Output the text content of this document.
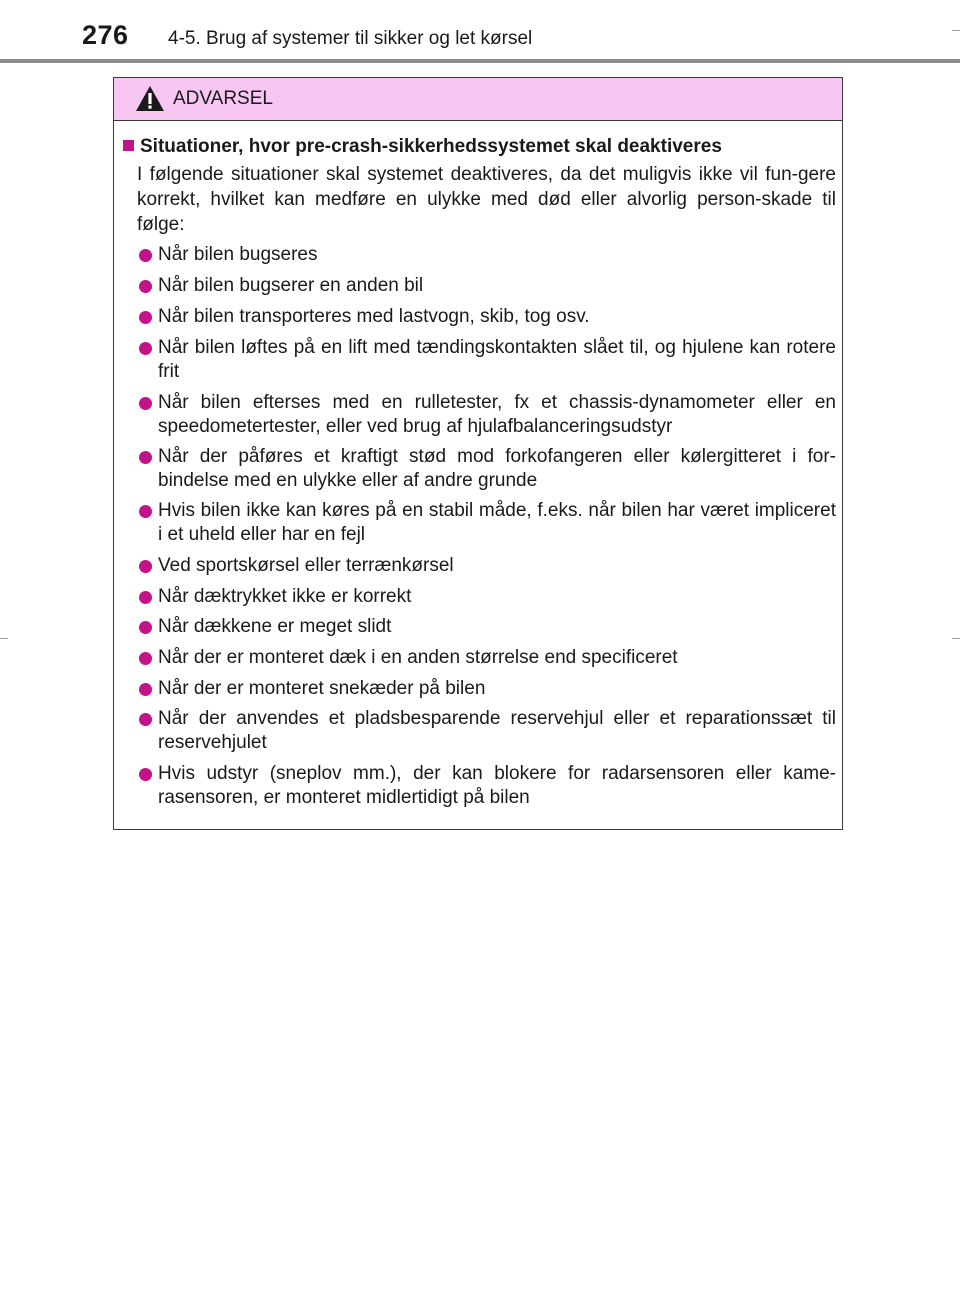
276 4-5. Brug af systemer til sikker og let kørsel
ADVARSEL
Situationer, hvor pre-crash-sikkerhedssystemet skal deaktiveres

I følgende situationer skal systemet deaktiveres, da det muligvis ikke vil fun-gere korrekt, hvilket kan medføre en ulykke med død eller alvorlig person-skade til følge:

Når bilen bugseres
Når bilen bugserer en anden bil
Når bilen transporteres med lastvogn, skib, tog osv.
Når bilen løftes på en lift med tændingskontakten slået til, og hjulene kan rotere frit
Når bilen efterses med en rulletester, fx et chassis-dynamometer eller en speedometertester, eller ved brug af hjulafbalanceringsudstyr
Når der påføres et kraftigt stød mod forkofangeren eller kølergitteret i for-bindelse med en ulykke eller af andre grunde
Hvis bilen ikke kan køres på en stabil måde, f.eks. når bilen har været impliceret i et uheld eller har en fejl
Ved sportskørsel eller terrænkørsel
Når dæktrykket ikke er korrekt
Når dækkene er meget slidt
Når der er monteret dæk i en anden størrelse end specificeret
Når der er monteret snekæder på bilen
Når der anvendes et pladsbesparende reservehjul eller et reparationssæt til reservehjulet
Hvis udstyr (sneplov mm.), der kan blokere for radarsensoren eller kame-rasensoren, er monteret midlertidigt på bilen
